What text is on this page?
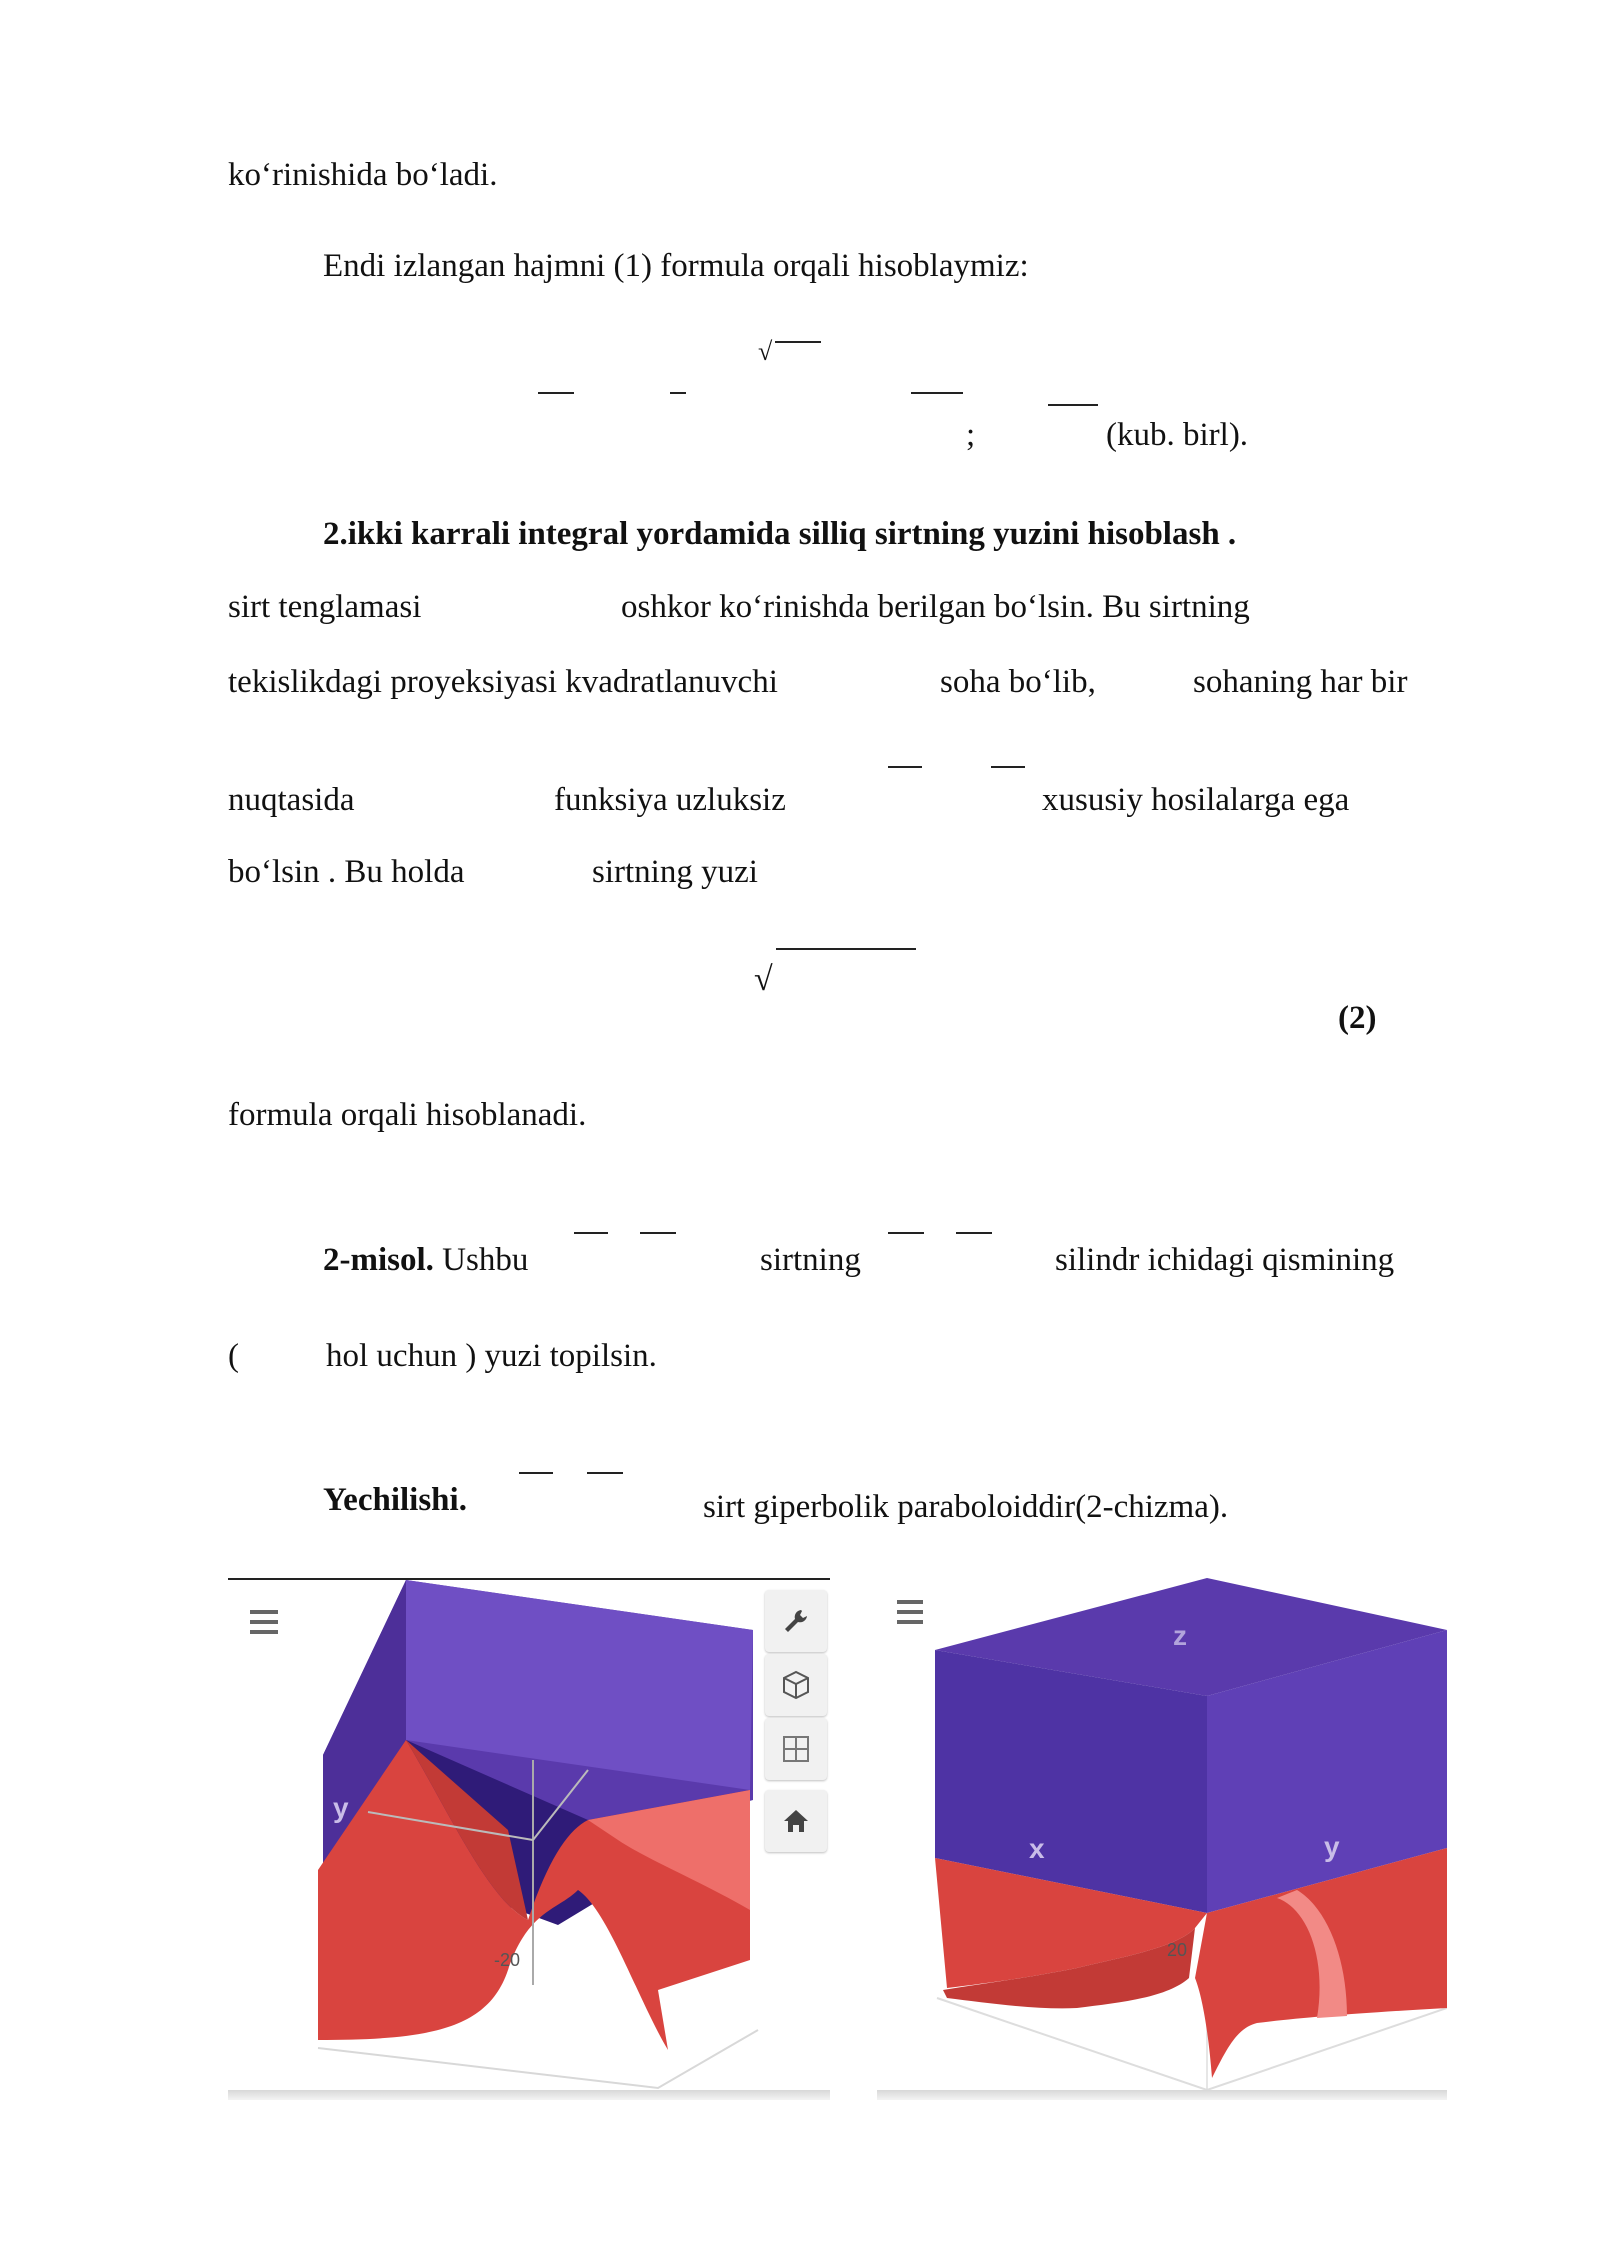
ko‘rinishida bo‘ladi.
Endi izlangan hajmni (1) formula orqali hisoblaymiz:
√
;	(kub. birl).
2.ikki karrali integral yordamida silliq sirtning yuzini hisoblash .
sirt tenglamasi	oshkor ko‘rinishda berilgan bo‘lsin. Bu sirtning
tekislikdagi proyeksiyasi kvadratlanuvchi	soha bo‘lib,	sohaning har bir
nuqtasida	funksiya uzluksiz	xususiy hosilalarga ega
bo‘lsin . Bu holda	sirtning yuzi
√
(2)
formula orqali hisoblanadi.
2-misol. Ushbu	sirtning	silindr ichidagi qismining
(	hol uchun ) yuzi topilsin.
Yechilishi.	sirt giperbolik paraboloiddir(2-chizma).
y
-20
z
x	y
20
